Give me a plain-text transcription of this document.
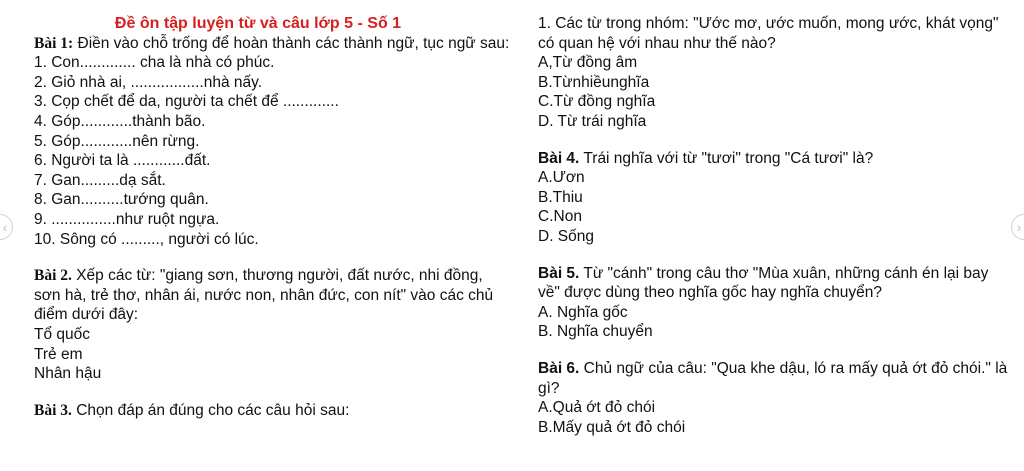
Đề ôn tập luyện từ và câu lớp 5 - Số 1
Bài 1: Điền vào chỗ trống để hoàn thành các thành ngữ, tục ngữ sau:
1. Con............. cha là nhà có phúc.
2. Giỏ nhà ai, .................nhà nấy.
3. Cọp chết để da, người ta chết để .............
4. Góp............thành bão.
5. Góp............nên rừng.
6. Người ta là ............đất.
7. Gan.........dạ sắt.
8. Gan..........tướng quân.
9. ...............như ruột ngựa.
10. Sông có ........., người có lúc.
Bài 2. Xếp các từ: "giang sơn, thương người, đất nước, nhi đồng, sơn hà, trẻ thơ, nhân ái, nước non, nhân đức, con nít" vào các chủ điểm dưới đây:
Tổ quốc
Trẻ em
Nhân hậu
Bài 3. Chọn đáp án đúng cho các câu hỏi sau:
1. Các từ trong nhóm: "Ước mơ, ước muốn, mong ước, khát vọng" có quan hệ với nhau như thế nào?
A,Từ đồng âm
B.Từnhiềunghĩa
C.Từ đồng nghĩa
D. Từ trái nghĩa
Bài 4. Trái nghĩa với từ "tươi" trong "Cá tươi" là?
A.Ươn
B.Thiu
C.Non
D. Sống
Bài 5. Từ "cánh" trong câu thơ "Mùa xuân, những cánh én lại bay về" được dùng theo nghĩa gốc hay nghĩa chuyển?
A. Nghĩa gốc
B. Nghĩa chuyển
Bài 6. Chủ ngữ của câu: "Qua khe dậu, ló ra mấy quả ớt đỏ chói." là gì?
A.Quả ớt đỏ chói
B.Mấy quả ớt đỏ chói
‹	›
